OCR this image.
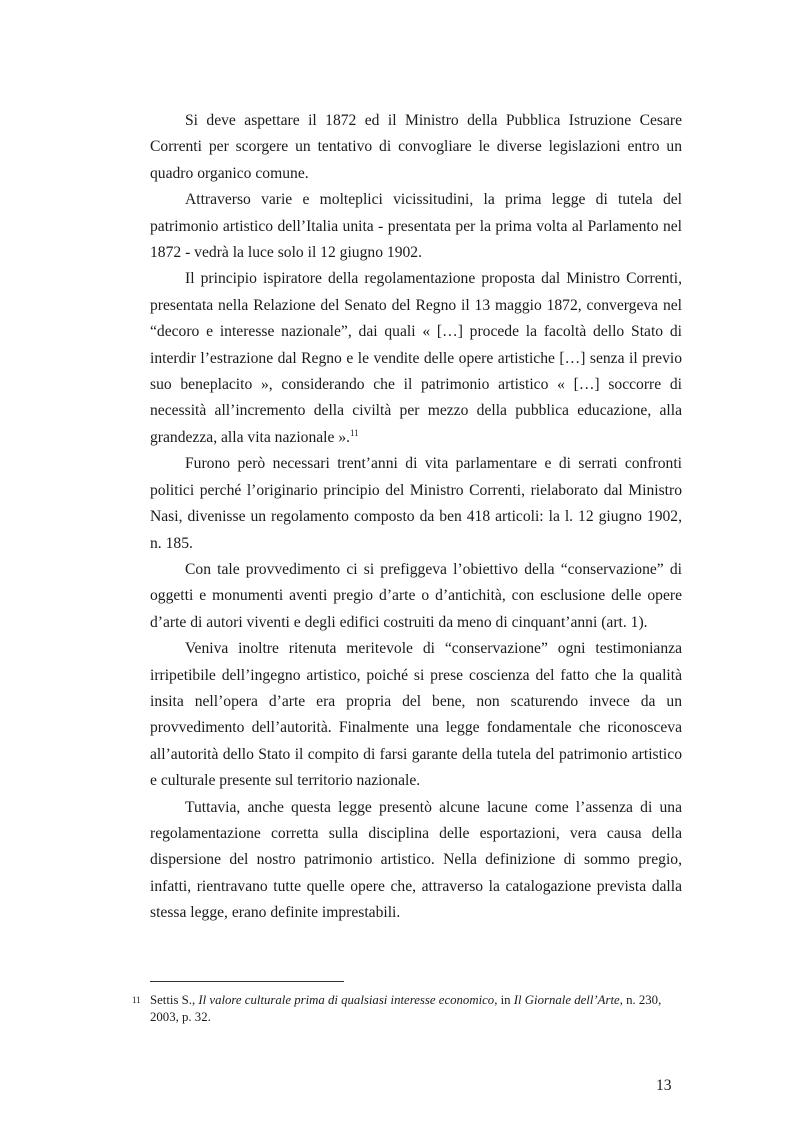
Si deve aspettare il 1872 ed il Ministro della Pubblica Istruzione Cesare Correnti per scorgere un tentativo di convogliare le diverse legislazioni entro un quadro organico comune.

Attraverso varie e molteplici vicissitudini, la prima legge di tutela del patrimonio artistico dell’Italia unita - presentata per la prima volta al Parlamento nel 1872 - vedrà la luce solo il 12 giugno 1902.

Il principio ispiratore della regolamentazione proposta dal Ministro Correnti, presentata nella Relazione del Senato del Regno il 13 maggio 1872, convergeva nel “decoro e interesse nazionale”, dai quali « […] procede la facoltà dello Stato di interdir l’estrazione dal Regno e le vendite delle opere artistiche […] senza il previo suo beneplacito », considerando che il patrimonio artistico « […] soccorre di necessità all’incremento della civiltà per mezzo della pubblica educazione, alla grandezza, alla vita nazionale ».$^{11}$

Furono però necessari trent’anni di vita parlamentare e di serrati confronti politici perché l’originario principio del Ministro Correnti, rielaborato dal Ministro Nasi, divenisse un regolamento composto da ben 418 articoli: la l. 12 giugno 1902, n. 185.

Con tale provvedimento ci si prefiggeva l’obiettivo della “conservazione” di oggetti e monumenti aventi pregio d’arte o d’antichità, con esclusione delle opere d’arte di autori viventi e degli edifici costruiti da meno di cinquant’anni (art. 1).

Veniva inoltre ritenuta meritevole di “conservazione” ogni testimonianza irripetibile dell’ingegno artistico, poiché si prese coscienza del fatto che la qualità insita nell’opera d’arte era propria del bene, non scaturendo invece da un provvedimento dell’autorità. Finalmente una legge fondamentale che riconosceva all’autorità dello Stato il compito di farsi garante della tutela del patrimonio artistico e culturale presente sul territorio nazionale.

Tuttavia, anche questa legge presentò alcune lacune come l’assenza di una regolamentazione corretta sulla disciplina delle esportazioni, vera causa della dispersione del nostro patrimonio artistico. Nella definizione di sommo pregio, infatti, rientravano tutte quelle opere che, attraverso la catalogazione prevista dalla stessa legge, erano definite imprestabili.

11 Settis S., Il valore culturale prima di qualsiasi interesse economico, in Il Giornale dell’Arte, n. 230, 2003, p. 32.
13
